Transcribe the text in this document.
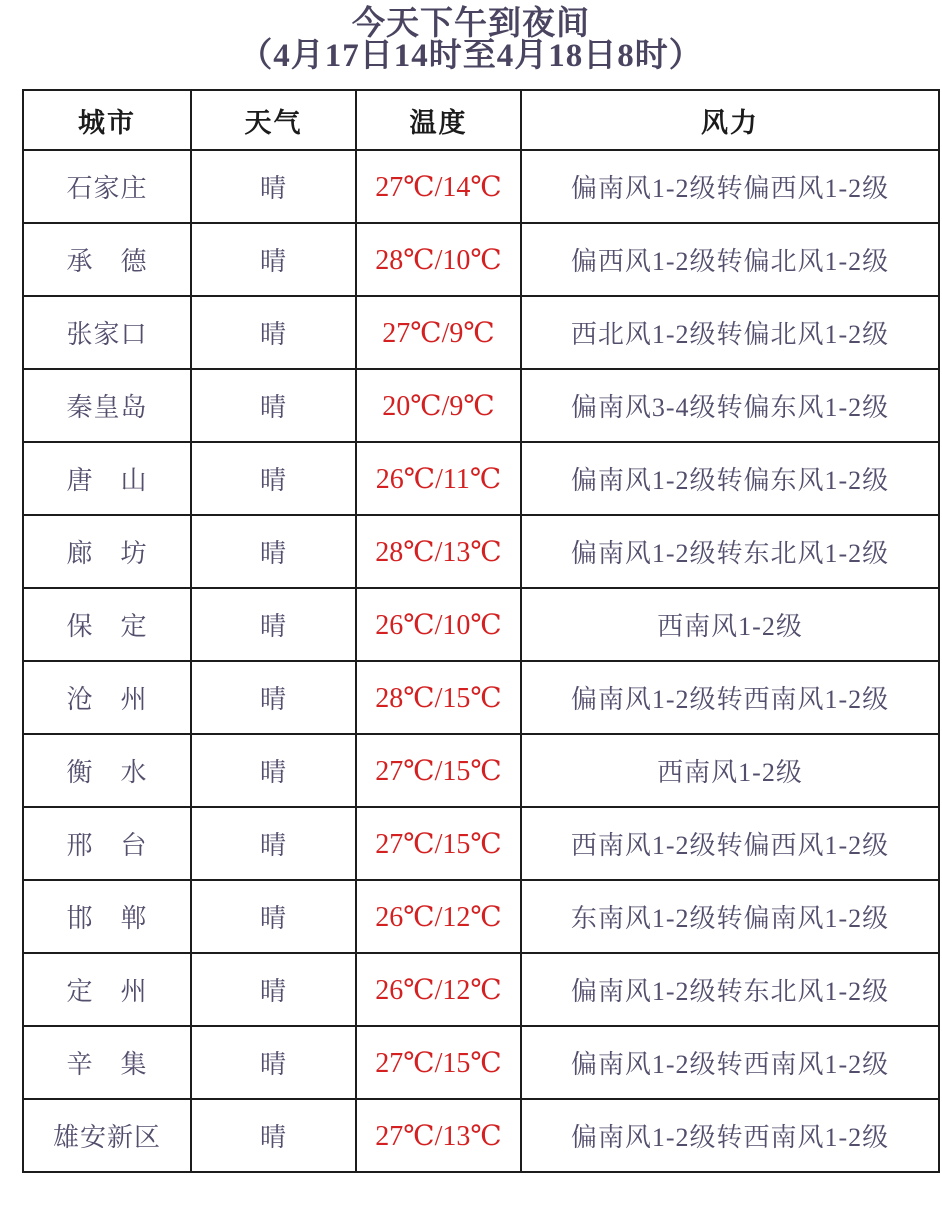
今天下午到夜间
（4月17日14时至4月18日8时）
城市	天气	温度	风力
石家庄	晴	27℃/14℃	偏南风1-2级转偏西风1-2级
承　德	晴	28℃/10℃	偏西风1-2级转偏北风1-2级
张家口	晴	27℃/9℃	西北风1-2级转偏北风1-2级
秦皇岛	晴	20℃/9℃	偏南风3-4级转偏东风1-2级
唐　山	晴	26℃/11℃	偏南风1-2级转偏东风1-2级
廊　坊	晴	28℃/13℃	偏南风1-2级转东北风1-2级
保　定	晴	26℃/10℃	西南风1-2级
沧　州	晴	28℃/15℃	偏南风1-2级转西南风1-2级
衡　水	晴	27℃/15℃	西南风1-2级
邢　台	晴	27℃/15℃	西南风1-2级转偏西风1-2级
邯　郸	晴	26℃/12℃	东南风1-2级转偏南风1-2级
定　州	晴	26℃/12℃	偏南风1-2级转东北风1-2级
辛　集	晴	27℃/15℃	偏南风1-2级转西南风1-2级
雄安新区	晴	27℃/13℃	偏南风1-2级转西南风1-2级
